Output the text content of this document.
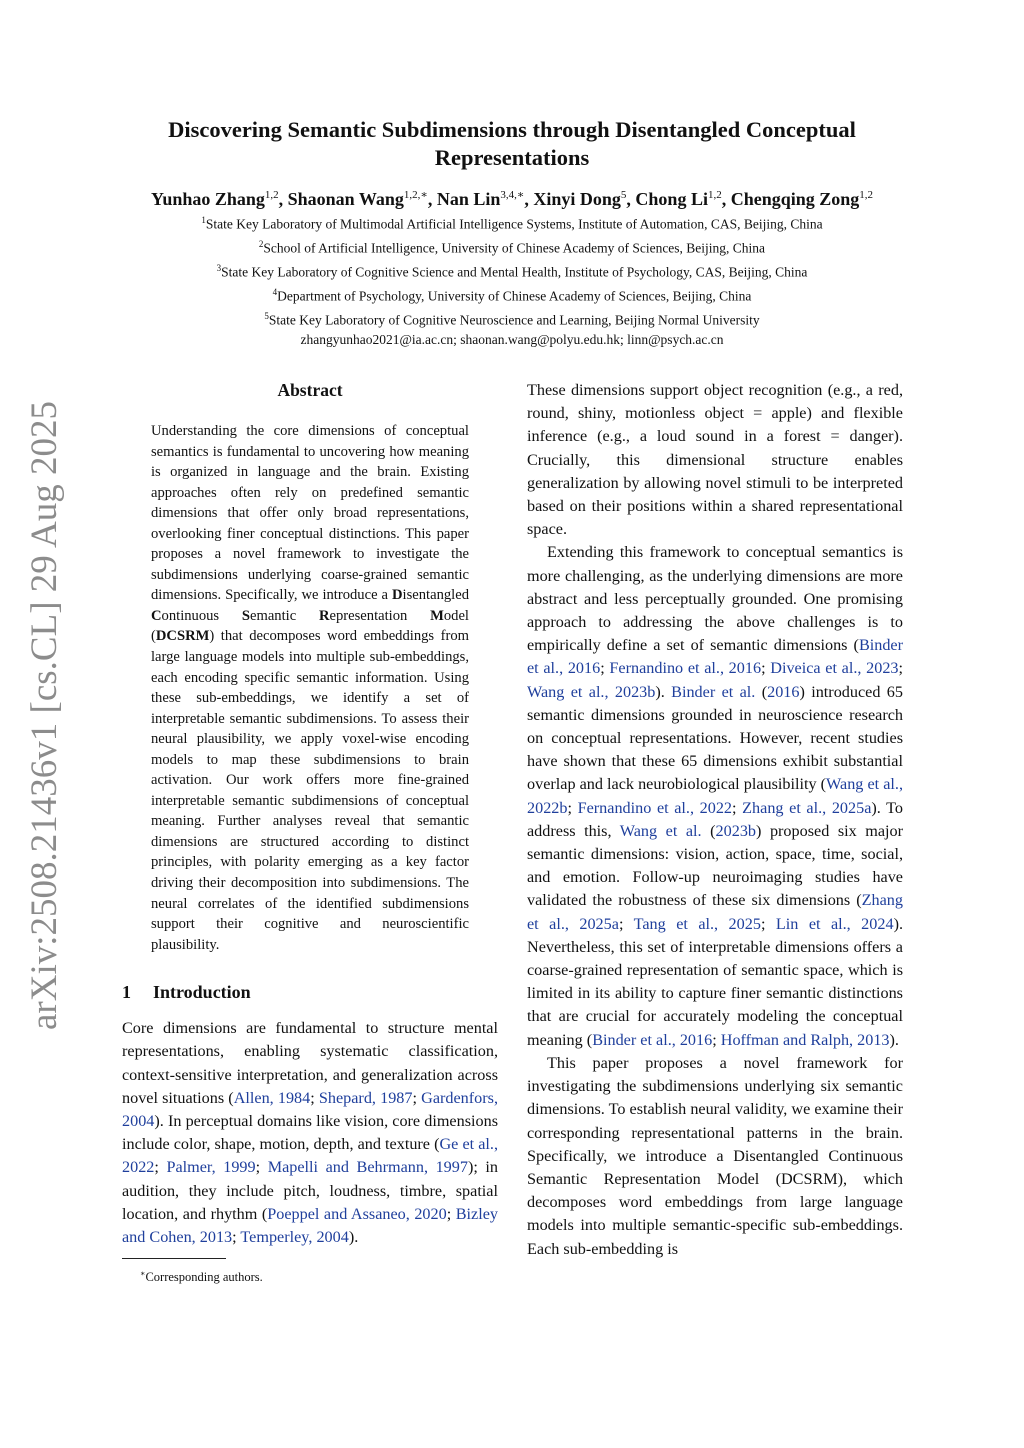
arXiv:2508.21436v1 [cs.CL] 29 Aug 2025
Discovering Semantic Subdimensions through Disentangled Conceptual Representations
Yunhao Zhang$^{1,2}$, Shaonan Wang$^{1,2,∗}$, Nan Lin$^{3,4,∗}$, Xinyi Dong$^5$, Chong Li$^{1,2}$, Chengqing Zong$^{1,2}$
$^1$State Key Laboratory of Multimodal Artificial Intelligence Systems, Institute of Automation, CAS, Beijing, China
$^2$School of Artificial Intelligence, University of Chinese Academy of Sciences, Beijing, China
$^3$State Key Laboratory of Cognitive Science and Mental Health, Institute of Psychology, CAS, Beijing, China
$^4$Department of Psychology, University of Chinese Academy of Sciences, Beijing, China
$^5$State Key Laboratory of Cognitive Neuroscience and Learning, Beijing Normal University
zhangyunhao2021@ia.ac.cn; shaonan.wang@polyu.edu.hk; linn@psych.ac.cn
Abstract

Understanding the core dimensions of conceptual semantics is fundamental to uncovering how meaning is organized in language and the brain. Existing approaches often rely on predefined semantic dimensions that offer only broad representations, overlooking finer conceptual distinctions. This paper proposes a novel framework to investigate the subdimensions underlying coarse-grained semantic dimensions. Specifically, we introduce a Disentangled Continuous Semantic Representation Model (DCSRM) that decomposes word embeddings from large language models into multiple sub-embeddings, each encoding specific semantic information. Using these sub-embeddings, we identify a set of interpretable semantic subdimensions. To assess their neural plausibility, we apply voxel-wise encoding models to map these subdimensions to brain activation. Our work offers more fine-grained interpretable semantic subdimensions of conceptual meaning. Further analyses reveal that semantic dimensions are structured according to distinct principles, with polarity emerging as a key factor driving their decomposition into subdimensions. The neural correlates of the identified subdimensions support their cognitive and neuroscientific plausibility.

1 Introduction

Core dimensions are fundamental to structure mental representations, enabling systematic classification, context-sensitive interpretation, and generalization across novel situations (Allen, 1984; Shepard, 1987; Gardenfors, 2004). In perceptual domains like vision, core dimensions include color, shape, motion, depth, and texture (Ge et al., 2022; Palmer, 1999; Mapelli and Behrmann, 1997); in audition, they include pitch, loudness, timbre, spatial location, and rhythm (Poeppel and Assaneo, 2020; Bizley and Cohen, 2013; Temperley, 2004).

∗Corresponding authors.

These dimensions support object recognition (e.g., a red, round, shiny, motionless object = apple) and flexible inference (e.g., a loud sound in a forest = danger). Crucially, this dimensional structure enables generalization by allowing novel stimuli to be interpreted based on their positions within a shared representational space.

Extending this framework to conceptual semantics is more challenging, as the underlying dimensions are more abstract and less perceptually grounded. One promising approach to addressing the above challenges is to empirically define a set of semantic dimensions (Binder et al., 2016; Fernandino et al., 2016; Diveica et al., 2023; Wang et al., 2023b). Binder et al. (2016) introduced 65 semantic dimensions grounded in neuroscience research on conceptual representations. However, recent studies have shown that these 65 dimensions exhibit substantial overlap and lack neurobiological plausibility (Wang et al., 2022b; Fernandino et al., 2022; Zhang et al., 2025a). To address this, Wang et al. (2023b) proposed six major semantic dimensions: vision, action, space, time, social, and emotion. Follow-up neuroimaging studies have validated the robustness of these six dimensions (Zhang et al., 2025a; Tang et al., 2025; Lin et al., 2024). Nevertheless, this set of interpretable dimensions offers a coarse-grained representation of semantic space, which is limited in its ability to capture finer semantic distinctions that are crucial for accurately modeling the conceptual meaning (Binder et al., 2016; Hoffman and Ralph, 2013).

This paper proposes a novel framework for investigating the subdimensions underlying six semantic dimensions. To establish neural validity, we examine their corresponding representational patterns in the brain. Specifically, we introduce a Disentangled Continuous Semantic Representation Model (DCSRM), which decomposes word embeddings from large language models into multiple semantic-specific sub-embeddings. Each sub-embedding is
